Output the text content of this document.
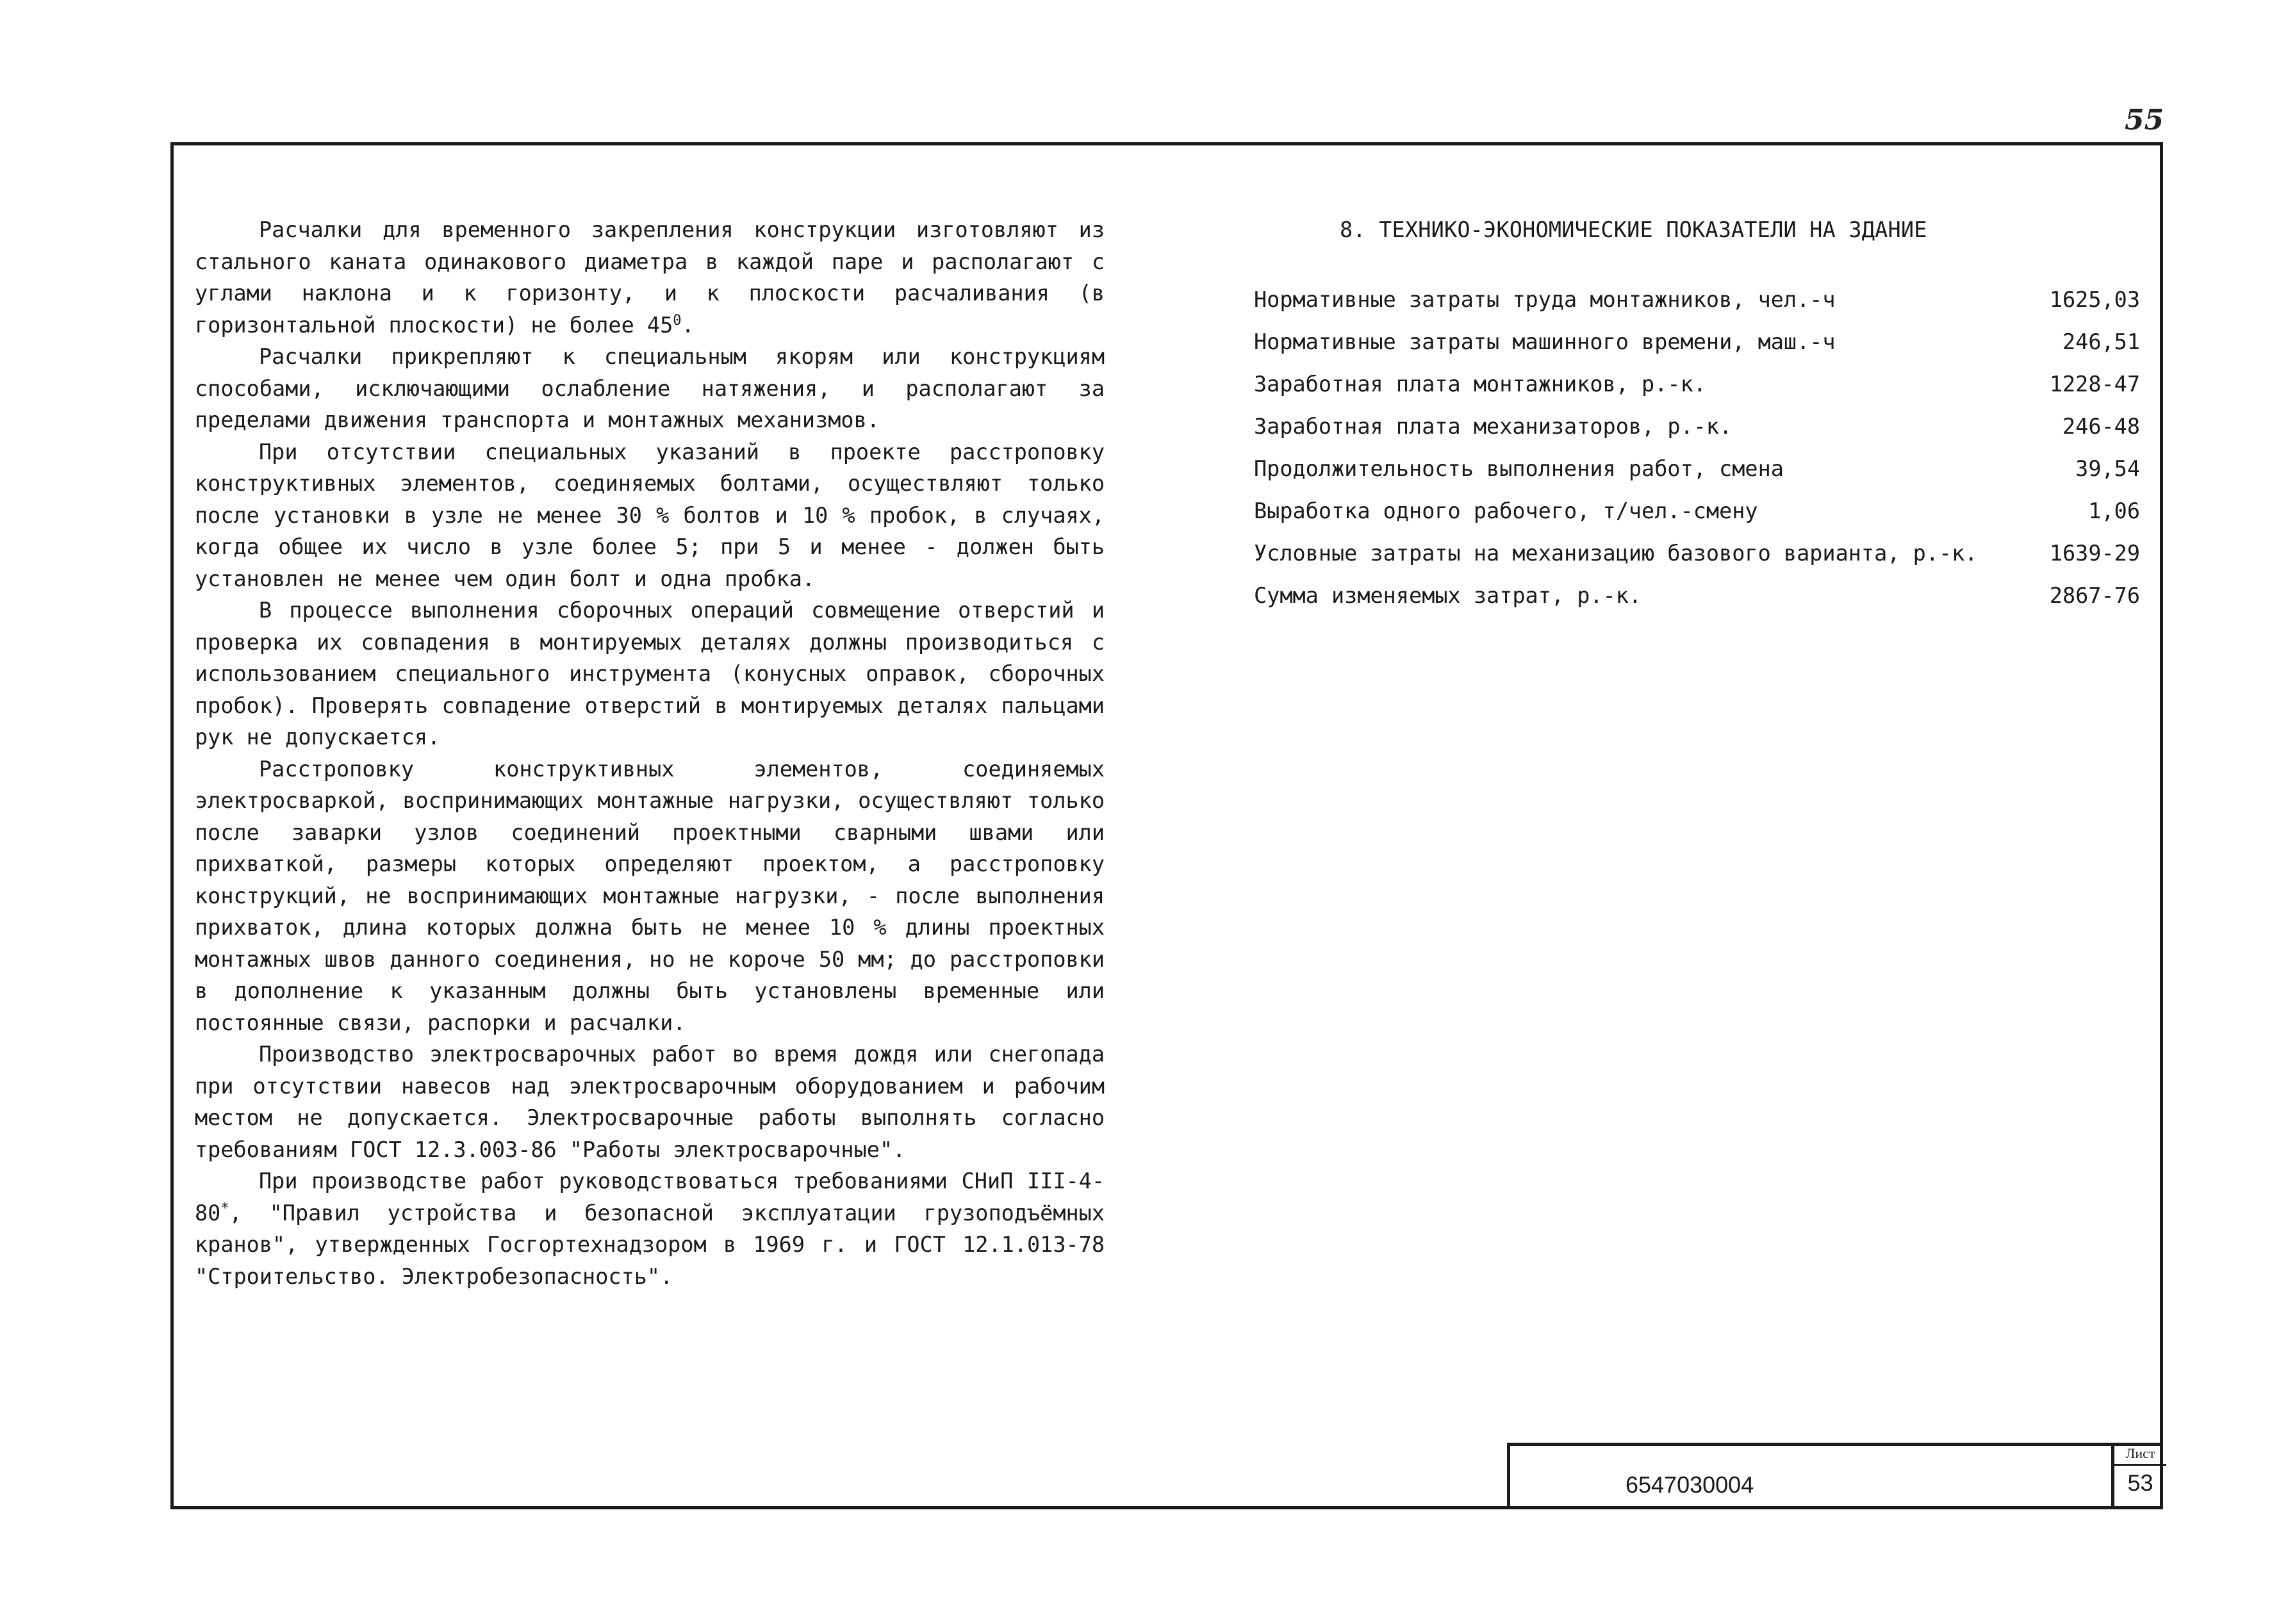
55

Расчалки для временного закрепления конструкции изготовляют из стального каната одинакового диаметра в каждой паре и располагают с углами наклона и к горизонту, и к плоскости расчаливания (в горизонтальной плоскости) не более $45^0$.

Расчалки прикрепляют к специальным якорям или конструкциям способами, исключающими ослабление натяжения, и располагают за пределами движения транспорта и монтажных механизмов.

При отсутствии специальных указаний в проекте расстроповку конструктивных элементов, соединяемых болтами, осуществляют только после установки в узле не менее 30 % болтов и 10 % пробок, в случаях, когда общее их число в узле более 5; при 5 и менее - должен быть установлен не менее чем один болт и одна пробка.

В процессе выполнения сборочных операций совмещение отверстий и проверка их совпадения в монтируемых деталях должны производиться с использованием специального инструмента (конусных оправок, сборочных пробок). Проверять совпадение отверстий в монтируемых деталях пальцами рук не допускается.

Расстроповку конструктивных элементов, соединяемых электросваркой, воспринимающих монтажные нагрузки, осуществляют только после заварки узлов соединений проектными сварными швами или прихваткой, размеры которых определяют проектом, а расстроповку конструкций, не воспринимающих монтажные нагрузки, - после выполнения прихваток, длина которых должна быть не менее 10 % длины проектных монтажных швов данного соединения, но не короче 50 мм; до расстроповки в дополнение к указанным должны быть установлены временные или постоянные связи, распорки и расчалки.

Производство электросварочных работ во время дождя или снегопада при отсутствии навесов над электросварочным оборудованием и рабочим местом не допускается. Электросварочные работы выполнять согласно требованиям ГОСТ 12.3.003-86 "Работы электросварочные".

При производстве работ руководствоваться требованиями СНиП III-4-80*, "Правил устройства и безопасной эксплуатации грузоподъёмных кранов", утвержденных Госгортехнадзором в 1969 г. и ГОСТ 12.1.013-78 "Строительство. Электробезопасность".

8. ТЕХНИКО-ЭКОНОМИЧЕСКИЕ ПОКАЗАТЕЛИ НА ЗДАНИЕ
Нормативные затраты труда монтажников, чел.-ч	1625,03
Нормативные затраты машинного времени, маш.-ч	246,51
Заработная плата монтажников, р.-к.	1228-47
Заработная плата механизаторов, р.-к.	246-48
Продолжительность выполнения работ, смена	39,54
Выработка одного рабочего, т/чел.-смену	1,06
Условные затраты на механизацию базового варианта, р.-к.	1639-29
Сумма изменяемых затрат, р.-к.	2867-76
6547030004
Лист
53
